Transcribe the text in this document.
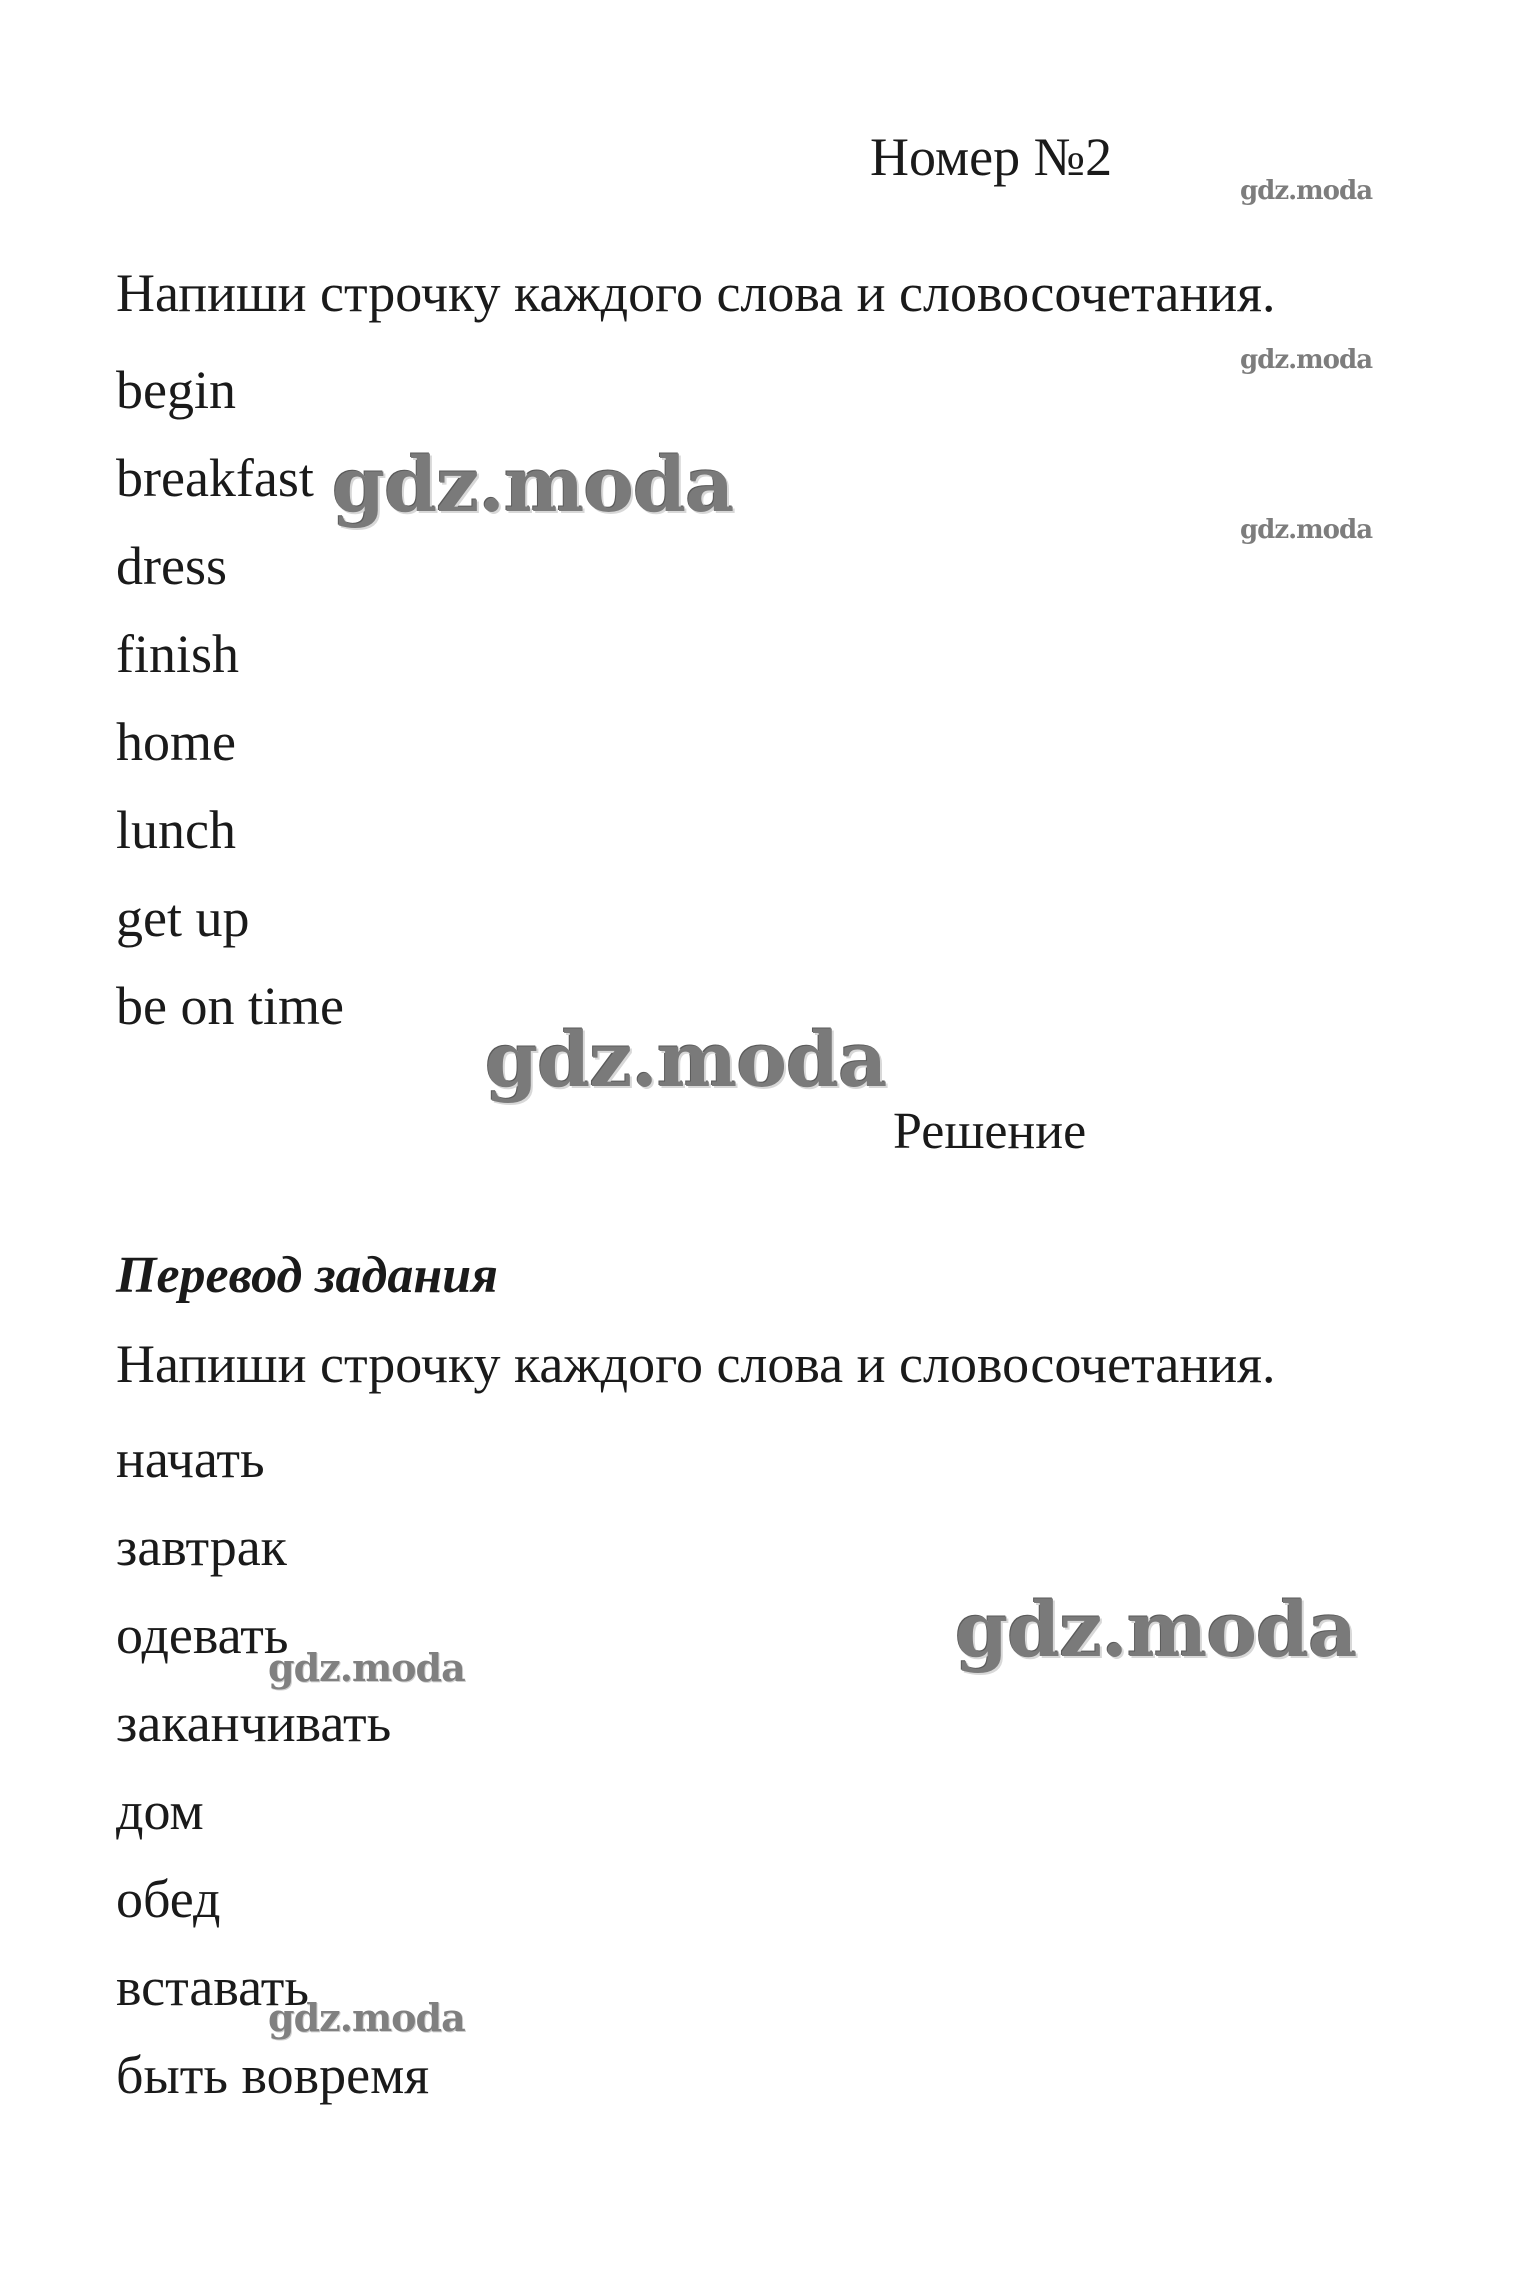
Номер №2
Напиши строчку каждого слова и словосочетания.
begin
breakfast
dress
finish
home
lunch
get up
be on time
Решение
Перевод задания
Напиши строчку каждого слова и словосочетания.
начать
завтрак
одевать
заканчивать
дом
обед
вставать
быть вовремя
gdz.moda
gdz.moda
gdz.moda
gdz.moda
gdz.moda
gdz.moda
gdz.moda
gdz.moda
